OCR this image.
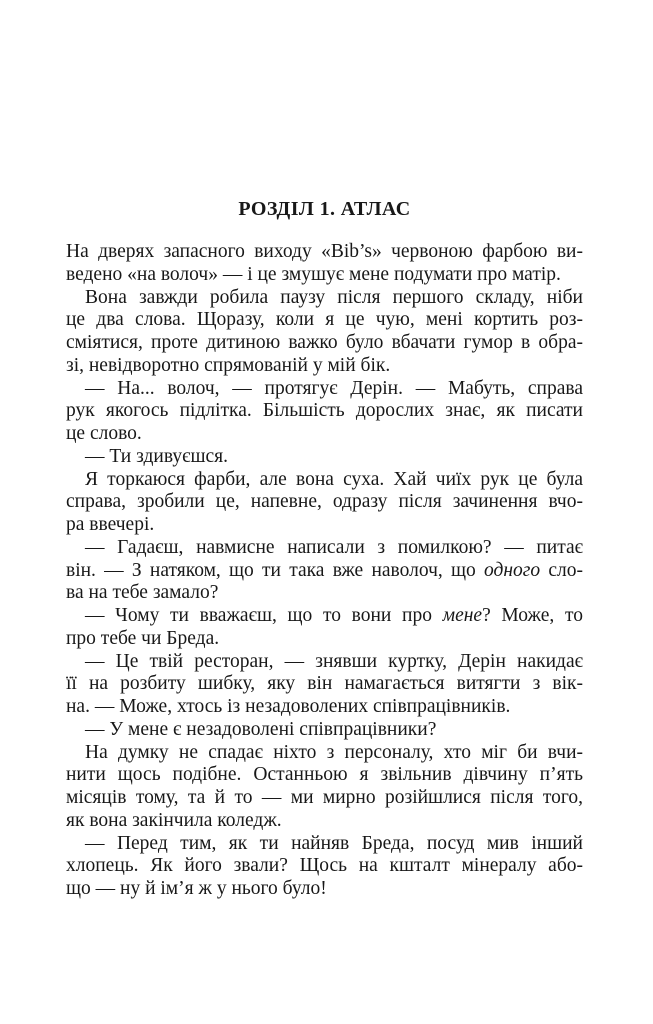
РОЗДІЛ 1. АТЛАС
На дверях запасного виходу «Bib’s» червоною фарбою ви-
ведено «на волоч» — і це змушує мене подумати про матір.
Вона завжди робила паузу після першого складу, ніби
це два слова. Щоразу, коли я це чую, мені кортить роз-
сміятися, проте дитиною важко було вбачати гумор в обра-
зі, невідворотно спрямованій у мій бік.
— На... волоч, — протягує Дерін. — Мабуть, справа
рук якогось підлітка. Більшість дорослих знає, як писати
це слово.
— Ти здивуєшся.
Я торкаюся фарби, але вона суха. Хай чиїх рук це була
справа, зробили це, напевне, одразу після зачинення вчо-
ра ввечері.
— Гадаєш, навмисне написали з помилкою? — питає
він. — З натяком, що ти така вже наволоч, що одного сло-
ва на тебе замало?
— Чому ти вважаєш, що то вони про мене? Може, то
про тебе чи Бреда.
— Це твій ресторан, — знявши куртку, Дерін накидає
її на розбиту шибку, яку він намагається витягти з вік-
на. — Може, хтось із незадоволених співпрацівників.
— У мене є незадоволені співпрацівники?
На думку не спадає ніхто з персоналу, хто міг би вчи-
нити щось подібне. Останньою я звільнив дівчину п’ять
місяців тому, та й то — ми мирно розійшлися після того,
як вона закінчила коледж.
— Перед тим, як ти найняв Бреда, посуд мив інший
хлопець. Як його звали? Щось на кшталт мінералу або-
що — ну й ім’я ж у нього було!
